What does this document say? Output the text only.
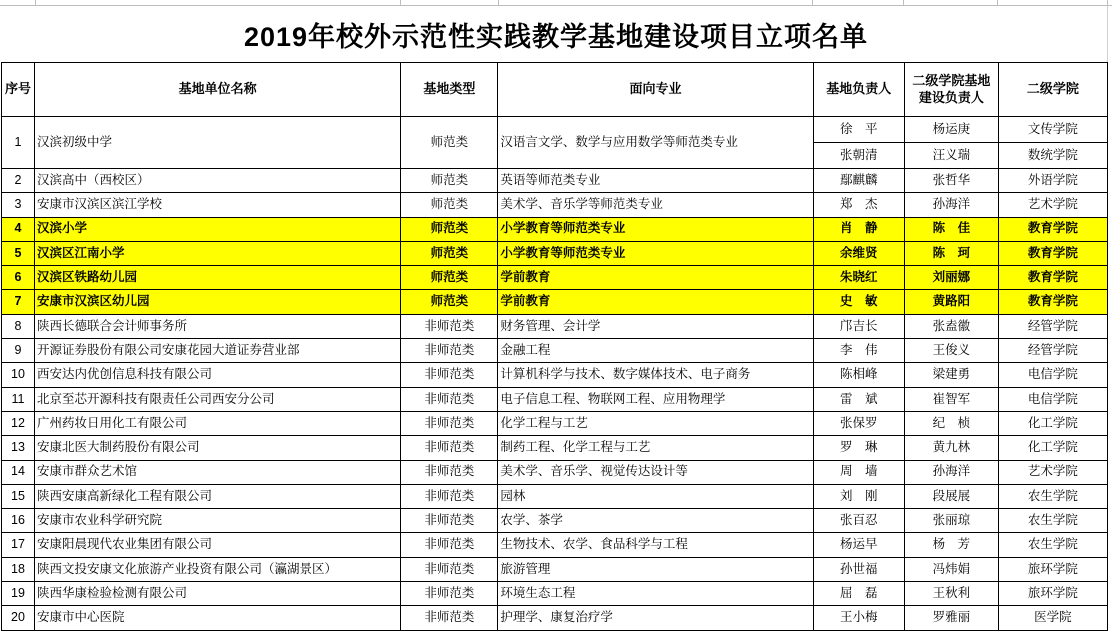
2019年校外示范性实践教学基地建设项目立项名单
序号	基地单位名称	基地类型	面向专业	基地负责人	二级学院基地建设负责人	二级学院
1	汉滨初级中学	师范类	汉语言文学、数学与应用数学等师范类专业	徐　平	杨运庚	文传学院
				张朝清	汪义瑞	数统学院
2	汉滨高中（西校区）	师范类	英语等师范类专业	鄢麒麟	张哲华	外语学院
3	安康市汉滨区滨江学校	师范类	美术学、音乐学等师范类专业	郑　杰	孙海洋	艺术学院
4	汉滨小学	师范类	小学教育等师范类专业	肖　静	陈　佳	教育学院
5	汉滨区江南小学	师范类	小学教育等师范类专业	余维贤	陈　珂	教育学院
6	汉滨区铁路幼儿园	师范类	学前教育	朱晓红	刘丽娜	教育学院
7	安康市汉滨区幼儿园	师范类	学前教育	史　敏	黄路阳	教育学院
8	陕西长德联合会计师事务所	非师范类	财务管理、会计学	邝吉长	张盍徽	经管学院
9	开源证券股份有限公司安康花园大道证券营业部	非师范类	金融工程	李　伟	王俊义	经管学院
10	西安达内优创信息科技有限公司	非师范类	计算机科学与技术、数字媒体技术、电子商务	陈相峰	梁建勇	电信学院
11	北京至芯开源科技有限责任公司西安分公司	非师范类	电子信息工程、物联网工程、应用物理学	雷　斌	崔智军	电信学院
12	广州药妆日用化工有限公司	非师范类	化学工程与工艺	张保罗	纪　桢	化工学院
13	安康北医大制药股份有限公司	非师范类	制药工程、化学工程与工艺	罗　琳	黄九林	化工学院
14	安康市群众艺术馆	非师范类	美术学、音乐学、视觉传达设计等	周　墙	孙海洋	艺术学院
15	陕西安康高新绿化工程有限公司	非师范类	园林	刘　刚	段展展	农生学院
16	安康市农业科学研究院	非师范类	农学、茶学	张百忍	张丽琼	农生学院
17	安康阳晨现代农业集团有限公司	非师范类	生物技术、农学、食品科学与工程	杨运早	杨　芳	农生学院
18	陕西文投安康文化旅游产业投资有限公司（瀛湖景区）	非师范类	旅游管理	孙世福	冯炜娟	旅环学院
19	陕西华康检验检测有限公司	非师范类	环境生态工程	屈　磊	王秋利	旅环学院
20	安康市中心医院	非师范类	护理学、康复治疗学	王小梅	罗雅丽	医学院
